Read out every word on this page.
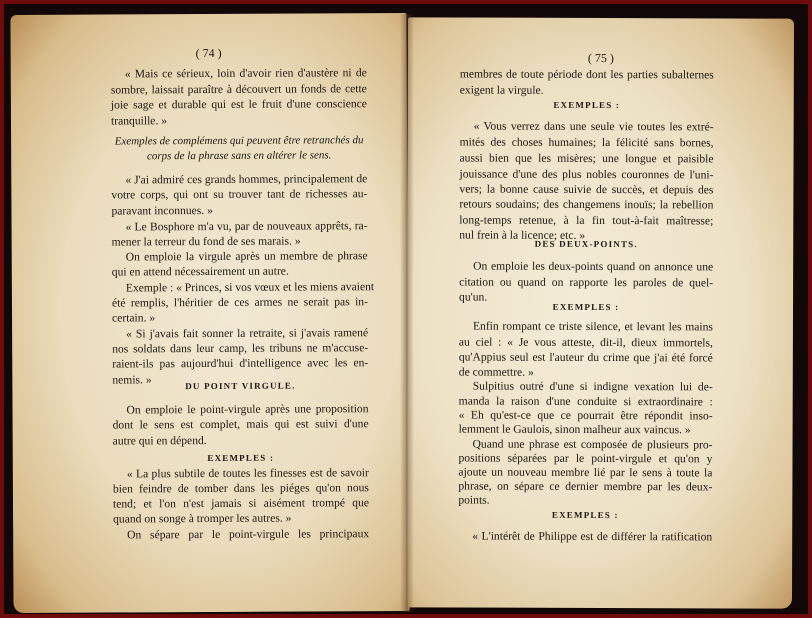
( 74 )
« Mais ce sérieux, loin d'avoir rien d'austère ni de
sombre, laissait paraître à découvert un fonds de cette
joie sage et durable qui est le fruit d'une conscience
tranquille. »
Exemples de complémens qui peuvent être retranchés du
corps de la phrase sans en altérer le sens.
« J'ai admiré ces grands hommes, principalement de
votre corps, qui ont su trouver tant de richesses au-
paravant inconnues. »
« Le Bosphore m'a vu, par de nouveaux apprêts, ra-
mener la terreur du fond de ses marais. »
On emploie la virgule après un membre de phrase
qui en attend nécessairement un autre.
Exemple : « Princes, si vos vœux et les miens avaient
été remplis, l'héritier de ces armes ne serait pas in-
certain. »
« Si j'avais fait sonner la retraite, si j'avais ramené
nos soldats dans leur camp, les tribuns ne m'accuse-
raient-ils pas aujourd'hui d'intelligence avec les en-
nemis. »	DU POINT VIRGULE.
On emploie le point-virgule après une proposition
dont le sens est complet, mais qui est suivi d'une
autre qui en dépend.
EXEMPLES :
« La plus subtile de toutes les finesses est de savoir
bien feindre de tomber dans les piéges qu'on nous
tend; et l'on n'est jamais si aisément trompé que
quand on songe à tromper les autres. »
On sépare par le point-virgule les principaux
( 75 )
membres de toute période dont les parties subalternes
exigent la virgule.
EXEMPLES :
« Vous verrez dans une seule vie toutes les extré-
mités des choses humaines; la félicité sans bornes,
aussi bien que les misères; une longue et paisible
jouissance d'une des plus nobles couronnes de l'uni-
vers; la bonne cause suivie de succès, et depuis des
retours soudains; des changemens inouïs; la rebellion
long-temps retenue, à la fin tout-à-fait maîtresse;
nul frein à la licence; etc. »
DES DEUX-POINTS.
On emploie les deux-points quand on annonce une
citation ou quand on rapporte les paroles de quel-
qu'un.
EXEMPLES :
Enfin rompant ce triste silence, et levant les mains
au ciel : « Je vous atteste, dit-il, dieux immortels,
qu'Appius seul est l'auteur du crime que j'ai été forcé
de commettre. »
Sulpitius outré d'une si indigne vexation lui de-
manda la raison d'une conduite si extraordinaire :
« Eh qu'est-ce que ce pourrait être répondit inso-
lemment le Gaulois, sinon malheur aux vaincus. »
Quand une phrase est composée de plusieurs pro-
positions séparées par le point-virgule et qu'on y
ajoute un nouveau membre lié par le sens à toute la
phrase, on sépare ce dernier membre par les deux-
points.
EXEMPLES :
« L'intérêt de Philippe est de différer la ratification
